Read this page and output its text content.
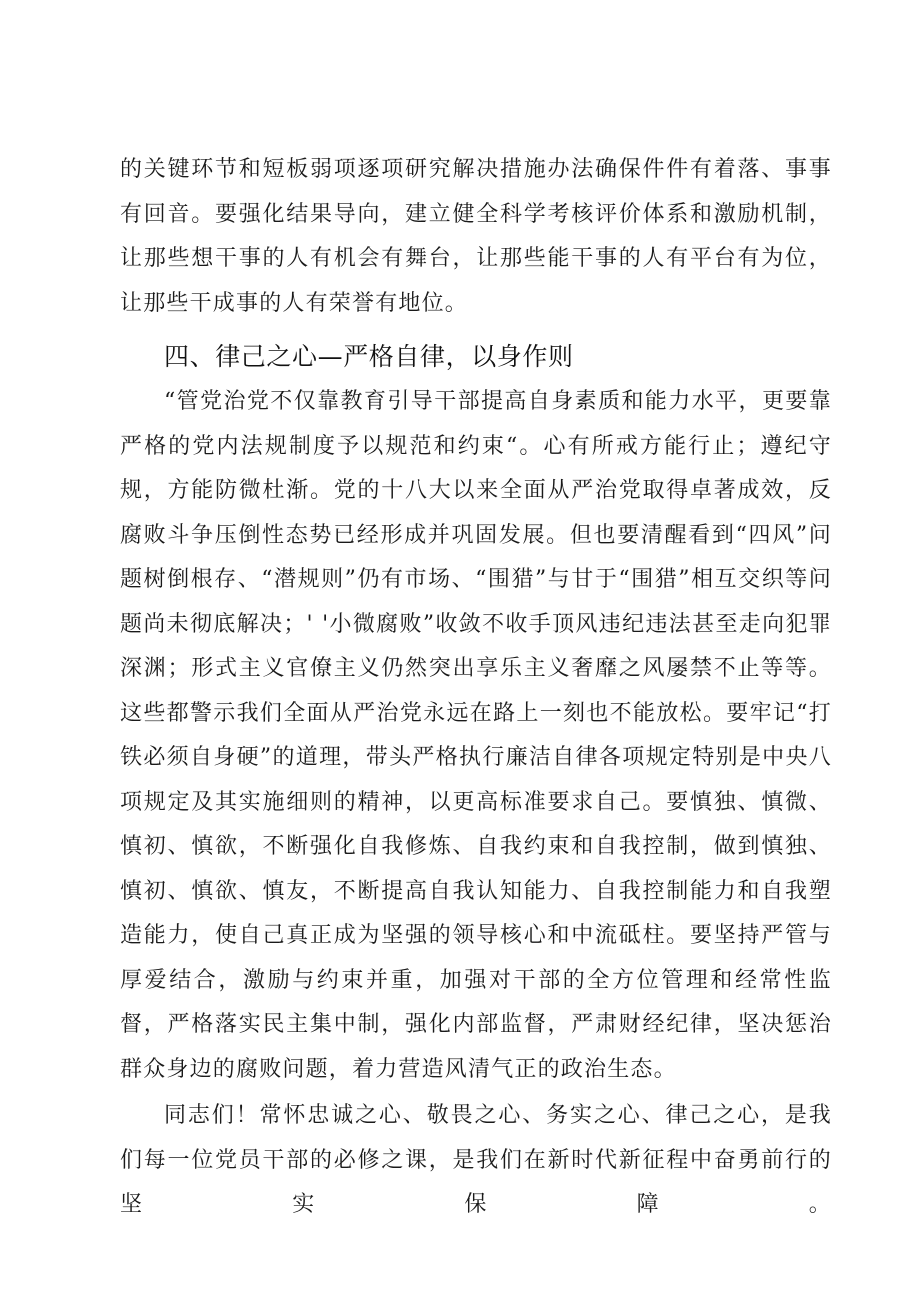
的关键环节和短板弱项逐项研究解决措施办法确保件件有着落、事事有回音。要强化结果导向，建立健全科学考核评价体系和激励机制，让那些想干事的人有机会有舞台，让那些能干事的人有平台有为位，让那些干成事的人有荣誉有地位。

四、律己之心—严格自律，以身作则

“管党治党不仅靠教育引导干部提高自身素质和能力水平，更要靠严格的党内法规制度予以规范和约束“。心有所戒方能行止；遵纪守规，方能防微杜渐。党的十八大以来全面从严治党取得卓著成效，反腐败斗争压倒性态势已经形成并巩固发展。但也要清醒看到“四风”问题树倒根存、“潜规则”仍有市场、“围猎”与甘于“围猎”相互交织等问题尚未彻底解决；' '小微腐败”收敛不收手顶风违纪违法甚至走向犯罪深渊；形式主义官僚主义仍然突出享乐主义奢靡之风屡禁不止等等。这些都警示我们全面从严治党永远在路上一刻也不能放松。要牢记“打铁必须自身硬”的道理，带头严格执行廉洁自律各项规定特别是中央八项规定及其实施细则的精神，以更高标准要求自己。要慎独、慎微、慎初、慎欲，不断强化自我修炼、自我约束和自我控制，做到慎独、慎初、慎欲、慎友，不断提高自我认知能力、自我控制能力和自我塑造能力，使自己真正成为坚强的领导核心和中流砥柱。要坚持严管与厚爱结合，激励与约束并重，加强对干部的全方位管理和经常性监督，严格落实民主集中制，强化内部监督，严肃财经纪律，坚决惩治群众身边的腐败问题，着力营造风清气正的政治生态。

同志们！常怀忠诚之心、敬畏之心、务实之心、律己之心，是我们每一位党员干部的必修之课，是我们在新时代新征程中奋勇前行的坚实保障。
